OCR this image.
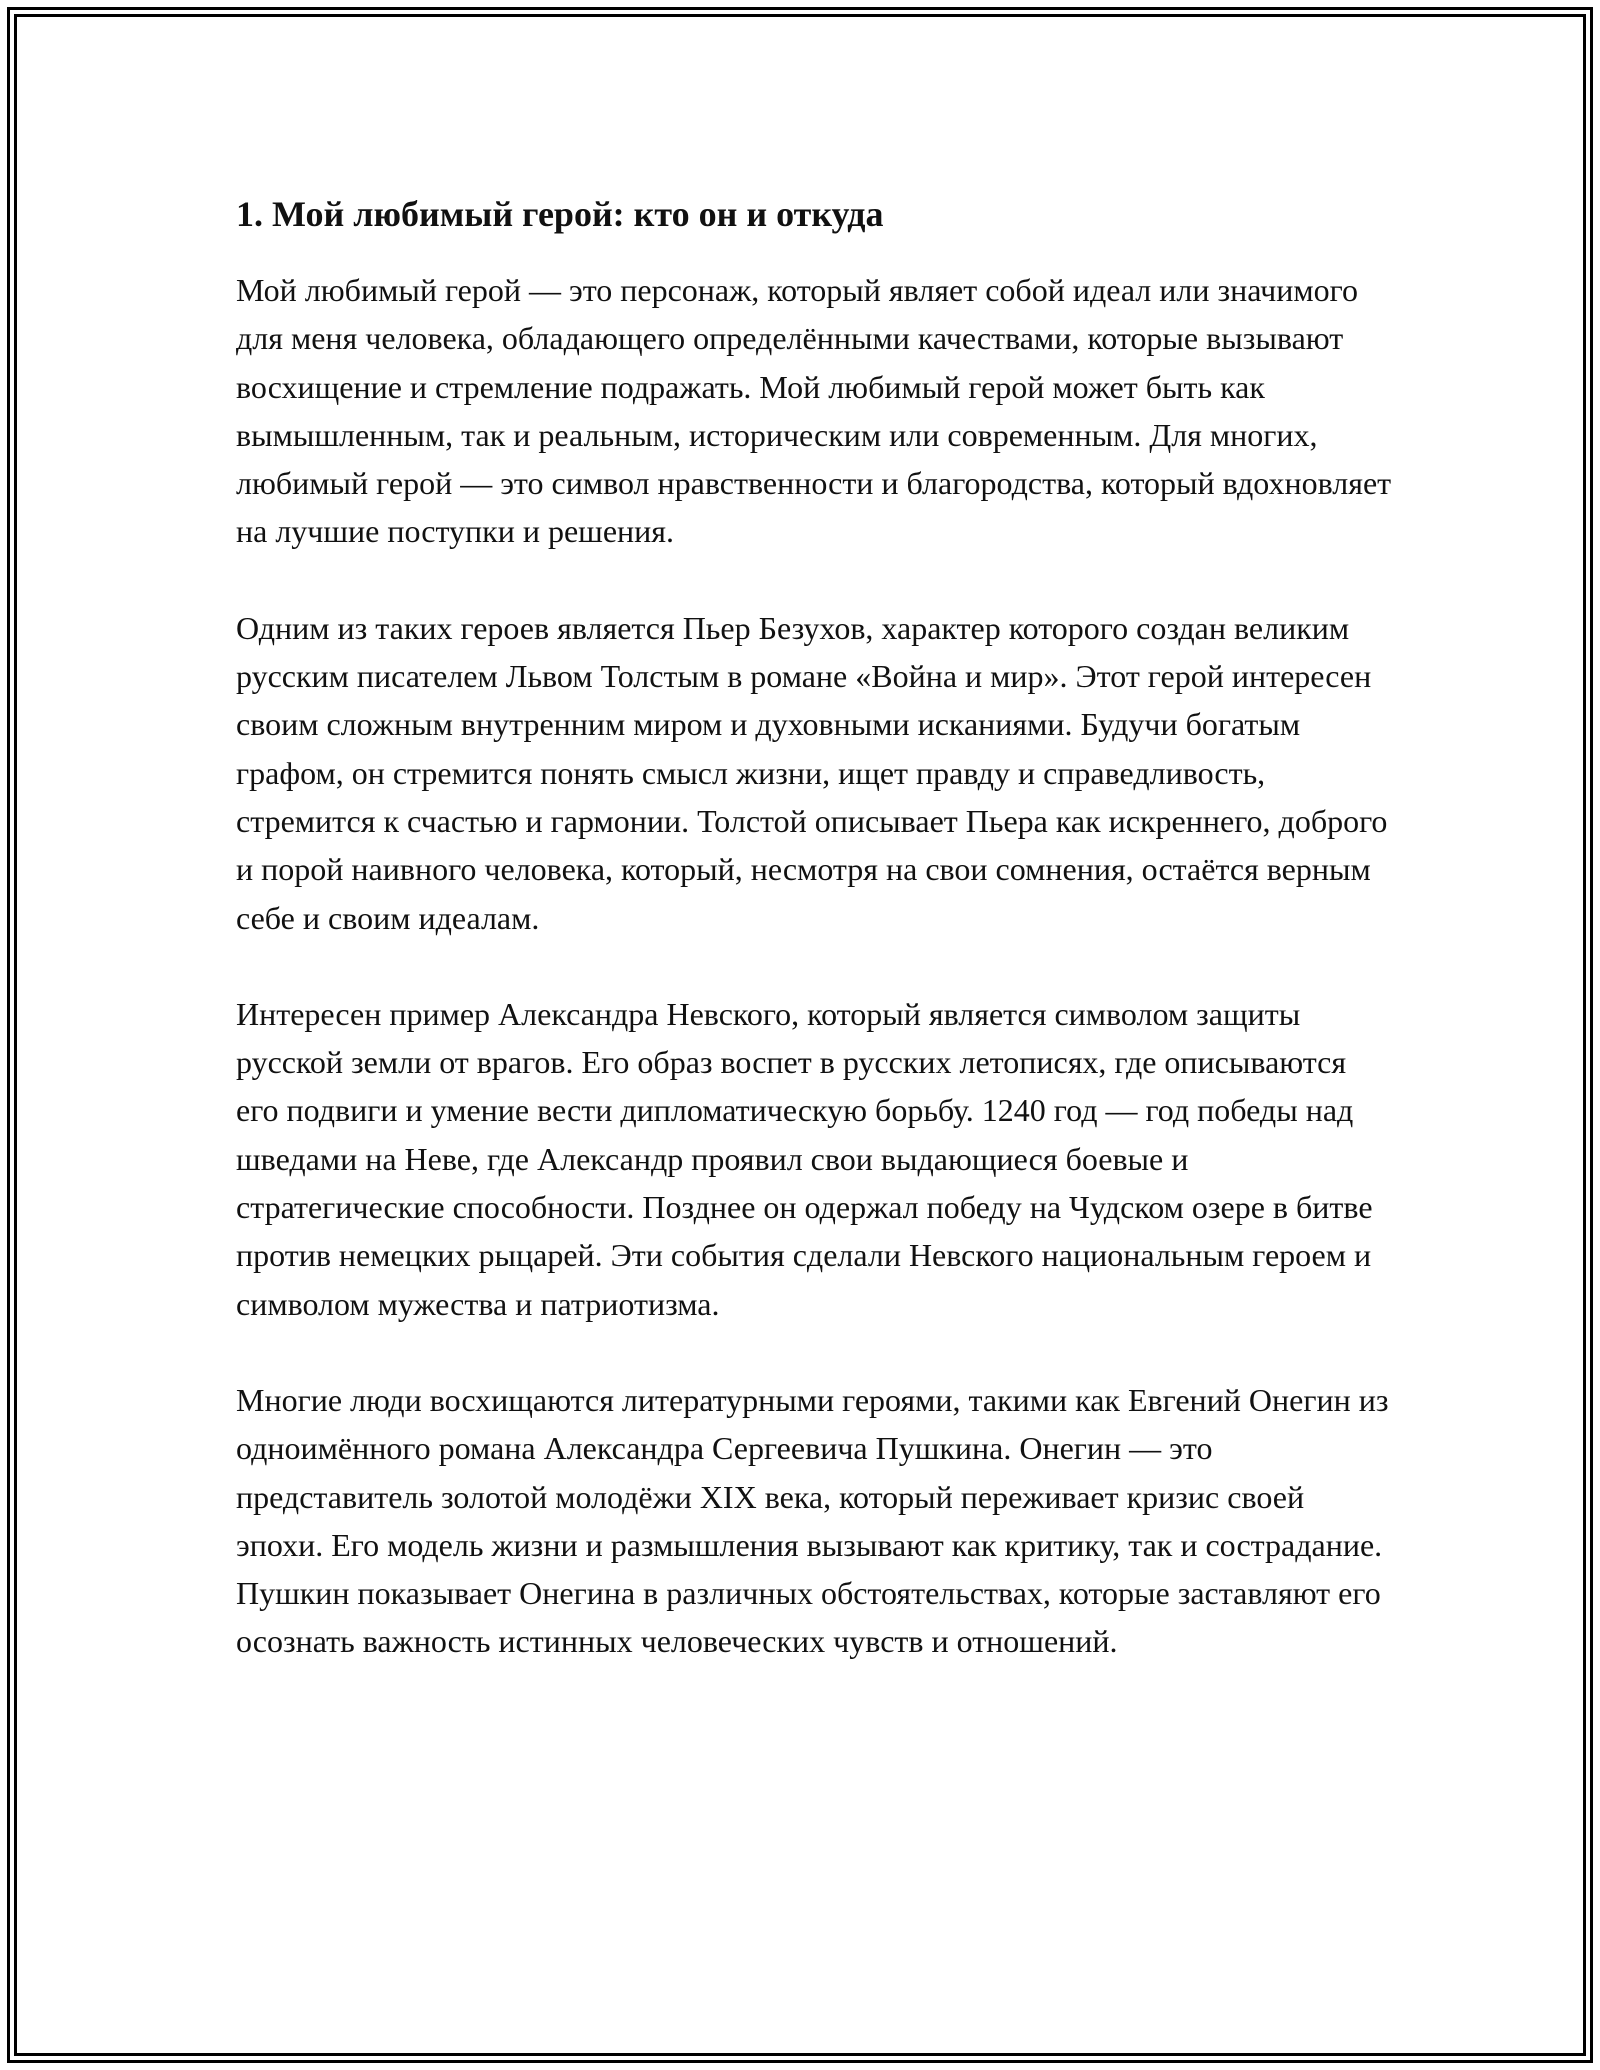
1. Мой любимый герой: кто он и откуда

Мой любимый герой — это персонаж, который являет собой идеал или значимого для меня человека, обладающего определёнными качествами, которые вызывают восхищение и стремление подражать. Мой любимый герой может быть как вымышленным, так и реальным, историческим или современным. Для многих, любимый герой — это символ нравственности и благородства, который вдохновляет на лучшие поступки и решения.

Одним из таких героев является Пьер Безухов, характер которого создан великим русским писателем Львом Толстым в романе «Война и мир». Этот герой интересен своим сложным внутренним миром и духовными исканиями. Будучи богатым графом, он стремится понять смысл жизни, ищет правду и справедливость, стремится к счастью и гармонии. Толстой описывает Пьера как искреннего, доброго и порой наивного человека, который, несмотря на свои сомнения, остаётся верным себе и своим идеалам.

Интересен пример Александра Невского, который является символом защиты русской земли от врагов. Его образ воспет в русских летописях, где описываются его подвиги и умение вести дипломатическую борьбу. 1240 год — год победы над шведами на Неве, где Александр проявил свои выдающиеся боевые и стратегические способности. Позднее он одержал победу на Чудском озере в битве против немецких рыцарей. Эти события сделали Невского национальным героем и символом мужества и патриотизма.

Многие люди восхищаются литературными героями, такими как Евгений Онегин из одноимённого романа Александра Сергеевича Пушкина. Онегин — это представитель золотой молодёжи XIX века, который переживает кризис своей эпохи. Его модель жизни и размышления вызывают как критику, так и сострадание. Пушкин показывает Онегина в различных обстоятельствах, которые заставляют его осознать важность истинных человеческих чувств и отношений.
